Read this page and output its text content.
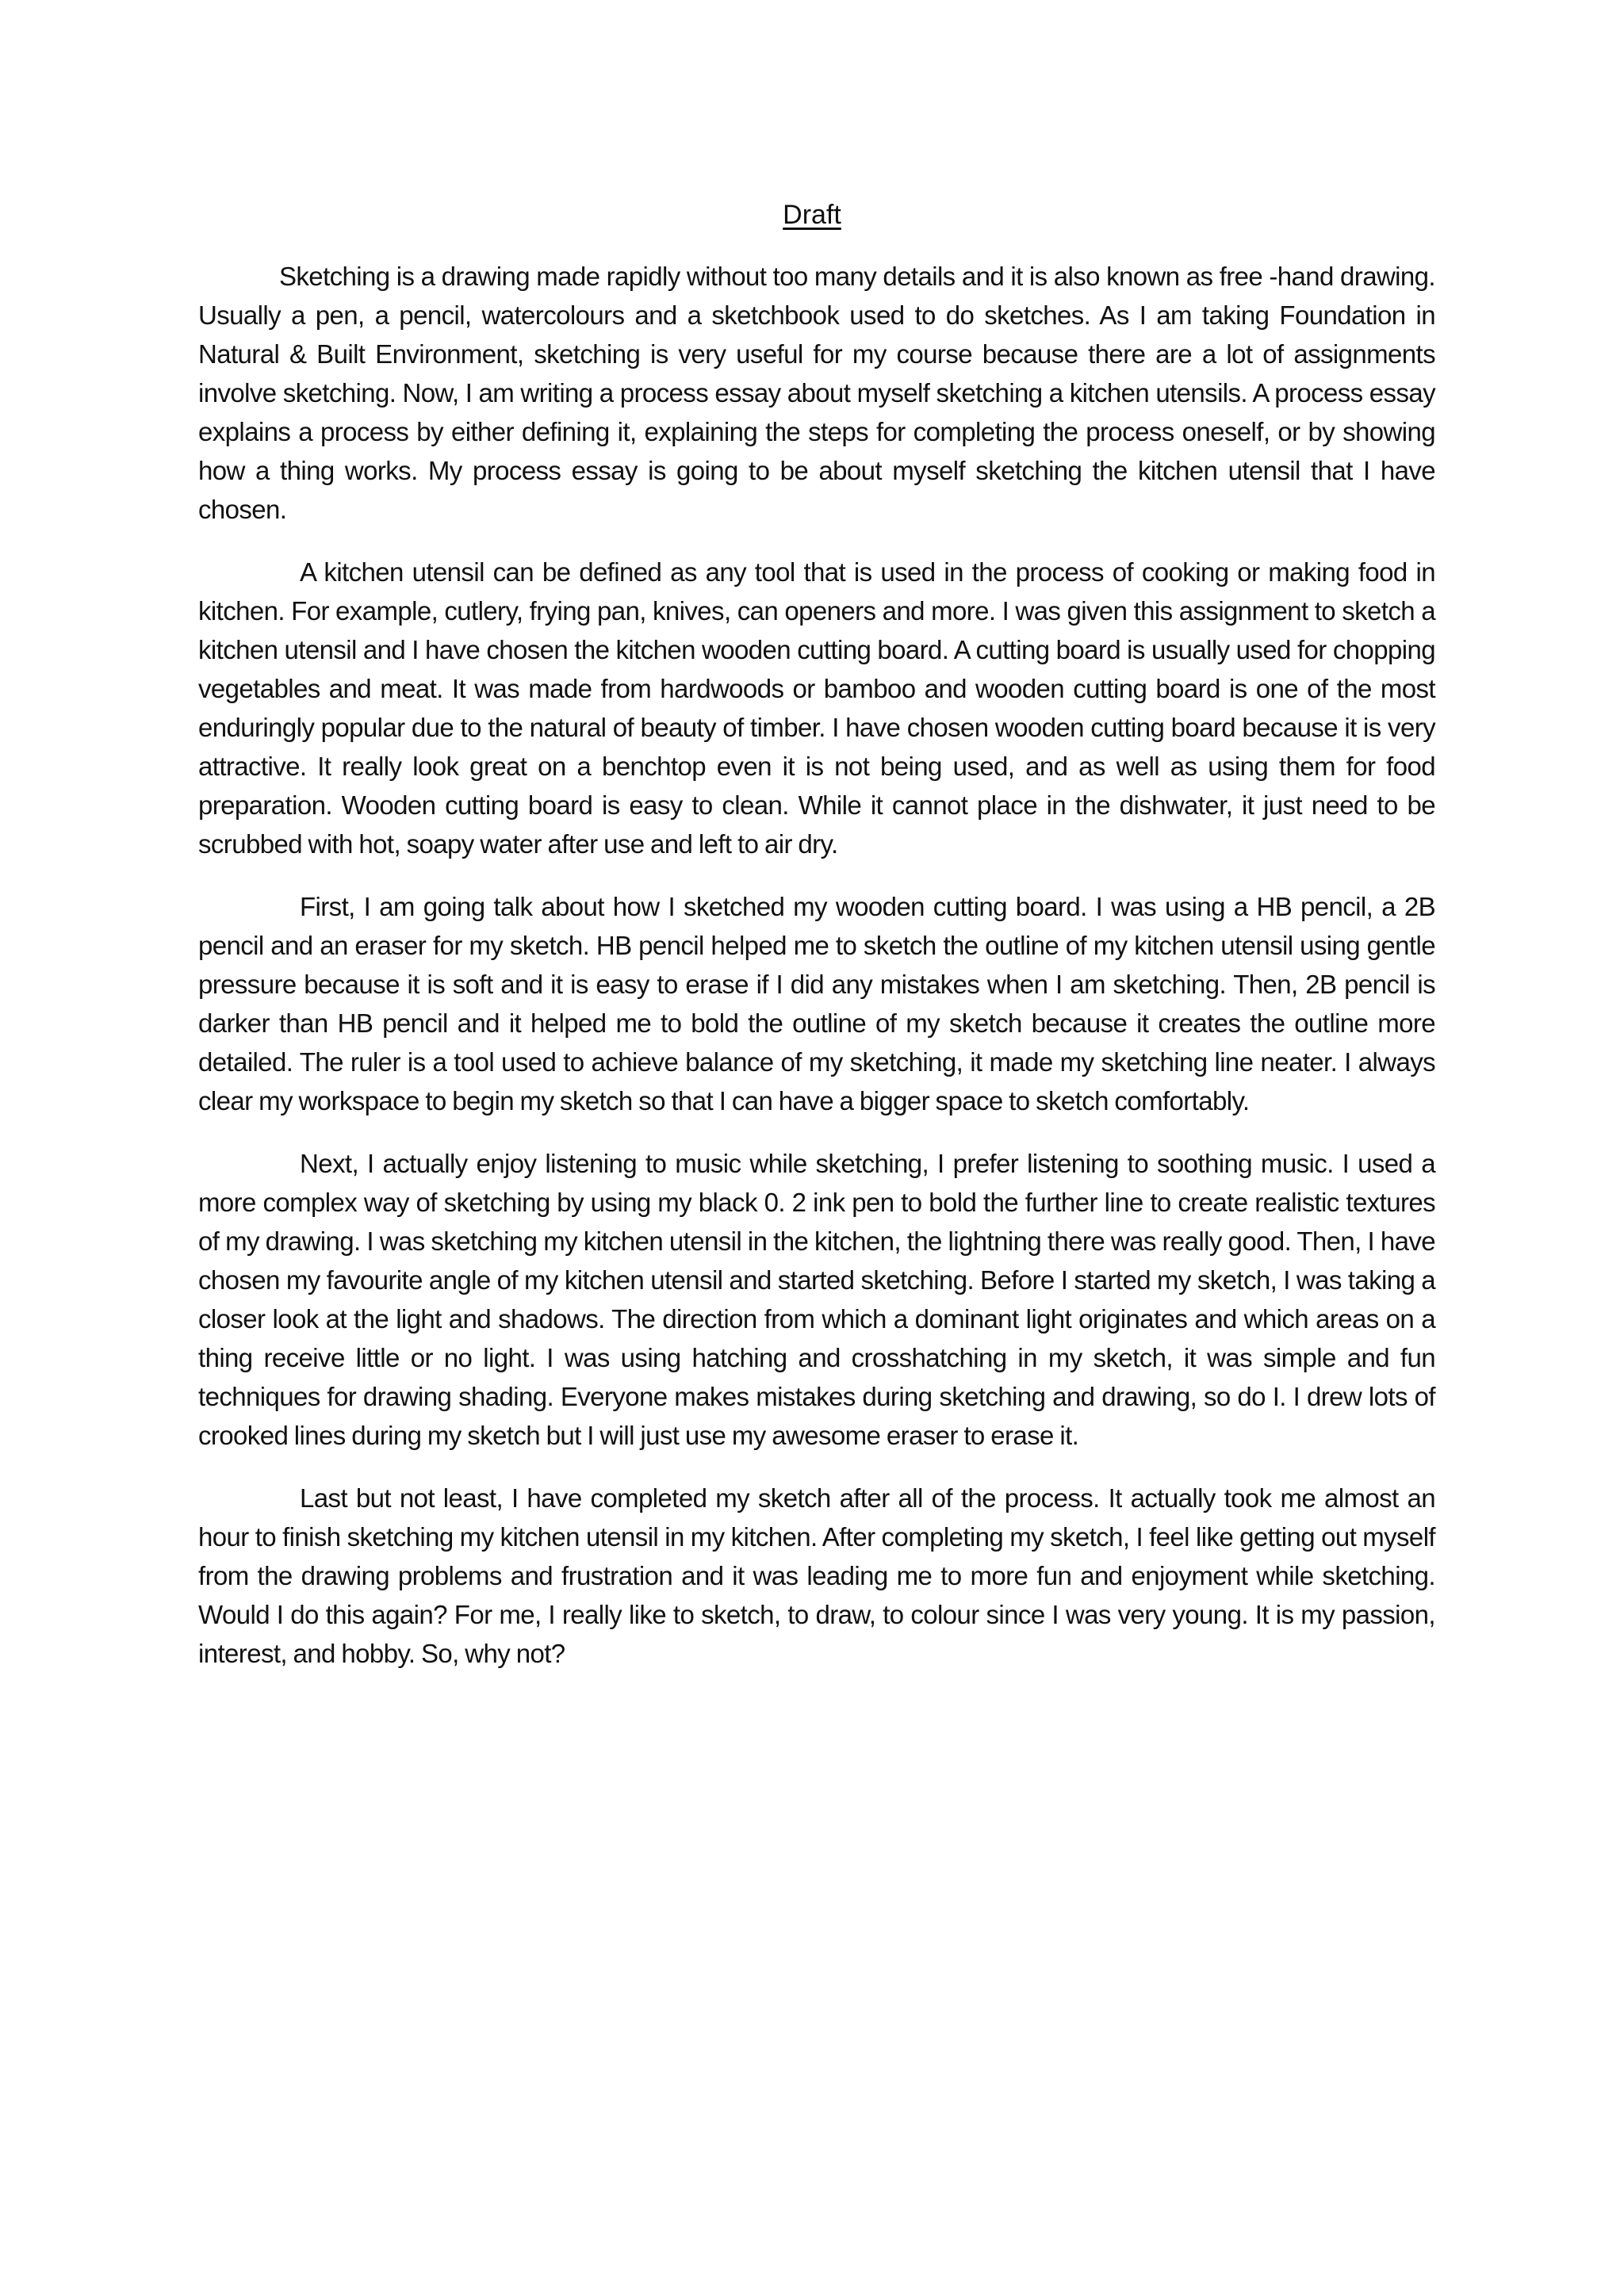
Draft

Sketching is a drawing made rapidly without too many details and it is also known as free -hand drawing. Usually a pen, a pencil, watercolours and a sketchbook used to do sketches. As I am taking Foundation in Natural & Built Environment, sketching is very useful for my course because there are a lot of assignments involve sketching. Now, I am writing a process essay about myself sketching a kitchen utensils. A process essay explains a process by either defining it, explaining the steps for completing the process oneself, or by showing how a thing works. My process essay is going to be about myself sketching the kitchen utensil that I have chosen.

A kitchen utensil can be defined as any tool that is used in the process of cooking or making food in kitchen. For example, cutlery, frying pan, knives, can openers and more. I was given this assignment to sketch a kitchen utensil and I have chosen the kitchen wooden cutting board. A cutting board is usually used for chopping vegetables and meat. It was made from hardwoods or bamboo and wooden cutting board is one of the most enduringly popular due to the natural of beauty of timber. I have chosen wooden cutting board because it is very attractive. It really look great on a benchtop even it is not being used, and as well as using them for food preparation. Wooden cutting board is easy to clean. While it cannot place in the dishwater, it just need to be scrubbed with hot, soapy water after use and left to air dry.

First, I am going talk about how I sketched my wooden cutting board. I was using a HB pencil, a 2B pencil and an eraser for my sketch. HB pencil helped me to sketch the outline of my kitchen utensil using gentle pressure because it is soft and it is easy to erase if I did any mistakes when I am sketching. Then, 2B pencil is darker than HB pencil and it helped me to bold the outline of my sketch because it creates the outline more detailed. The ruler is a tool used to achieve balance of my sketching, it made my sketching line neater. I always clear my workspace to begin my sketch so that I can have a bigger space to sketch comfortably.

Next, I actually enjoy listening to music while sketching, I prefer listening to soothing music. I used a more complex way of sketching by using my black 0. 2 ink pen to bold the further line to create realistic textures of my drawing. I was sketching my kitchen utensil in the kitchen, the lightning there was really good. Then, I have chosen my favourite angle of my kitchen utensil and started sketching. Before I started my sketch, I was taking a closer look at the light and shadows. The direction from which a dominant light originates and which areas on a thing receive little or no light. I was using hatching and crosshatching in my sketch, it was simple and fun techniques for drawing shading. Everyone makes mistakes during sketching and drawing, so do I. I drew lots of crooked lines during my sketch but I will just use my awesome eraser to erase it.

Last but not least, I have completed my sketch after all of the process. It actually took me almost an hour to finish sketching my kitchen utensil in my kitchen. After completing my sketch, I feel like getting out myself from the drawing problems and frustration and it was leading me to more fun and enjoyment while sketching. Would I do this again? For me, I really like to sketch, to draw, to colour since I was very young. It is my passion, interest, and hobby. So, why not?
